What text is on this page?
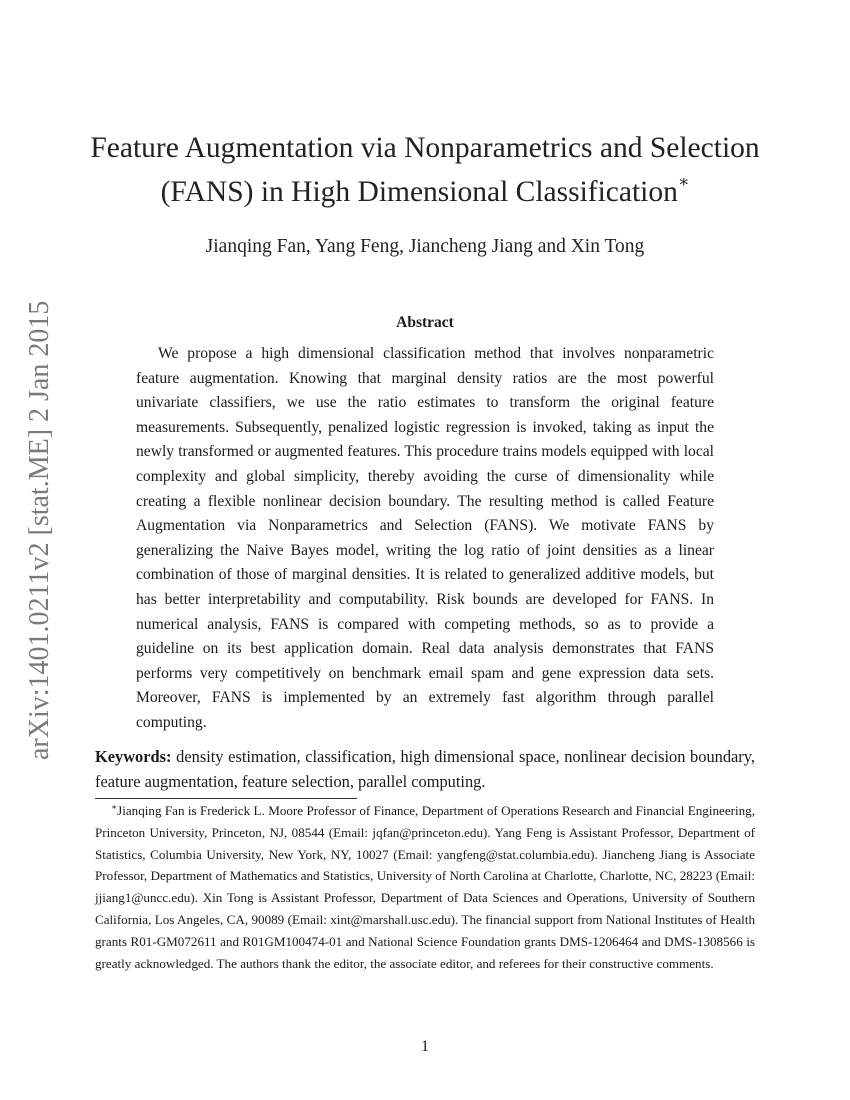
arXiv:1401.0211v2 [stat.ME] 2 Jan 2015
Feature Augmentation via Nonparametrics and Selection
(FANS) in High Dimensional Classification∗
Jianqing Fan, Yang Feng, Jiancheng Jiang and Xin Tong
Abstract

We propose a high dimensional classification method that involves nonparametric feature augmentation. Knowing that marginal density ratios are the most powerful univariate classifiers, we use the ratio estimates to transform the original feature measurements. Subsequently, penalized logistic regression is invoked, taking as input the newly transformed or augmented features. This procedure trains models equipped with local complexity and global simplicity, thereby avoiding the curse of dimensionality while creating a flexible nonlinear decision boundary. The resulting method is called Feature Augmentation via Nonparametrics and Selection (FANS). We motivate FANS by generalizing the Naive Bayes model, writing the log ratio of joint densities as a linear combination of those of marginal densities. It is related to generalized additive models, but has better interpretability and computability. Risk bounds are developed for FANS. In numerical analysis, FANS is compared with competing methods, so as to provide a guideline on its best application domain. Real data analysis demonstrates that FANS performs very competitively on benchmark email spam and gene expression data sets. Moreover, FANS is implemented by an extremely fast algorithm through parallel computing.

Keywords: density estimation, classification, high dimensional space, nonlinear decision boundary, feature augmentation, feature selection, parallel computing.

∗Jianqing Fan is Frederick L. Moore Professor of Finance, Department of Operations Research and Financial Engineering, Princeton University, Princeton, NJ, 08544 (Email: jqfan@princeton.edu). Yang Feng is Assistant Professor, Department of Statistics, Columbia University, New York, NY, 10027 (Email: yangfeng@stat.columbia.edu). Jiancheng Jiang is Associate Professor, Department of Mathematics and Statistics, University of North Carolina at Charlotte, Charlotte, NC, 28223 (Email: jjiang1@uncc.edu). Xin Tong is Assistant Professor, Department of Data Sciences and Operations, University of Southern California, Los Angeles, CA, 90089 (Email: xint@marshall.usc.edu). The financial support from National Institutes of Health grants R01-GM072611 and R01GM100474-01 and National Science Foundation grants DMS-1206464 and DMS-1308566 is greatly acknowledged. The authors thank the editor, the associate editor, and referees for their constructive comments.

1
